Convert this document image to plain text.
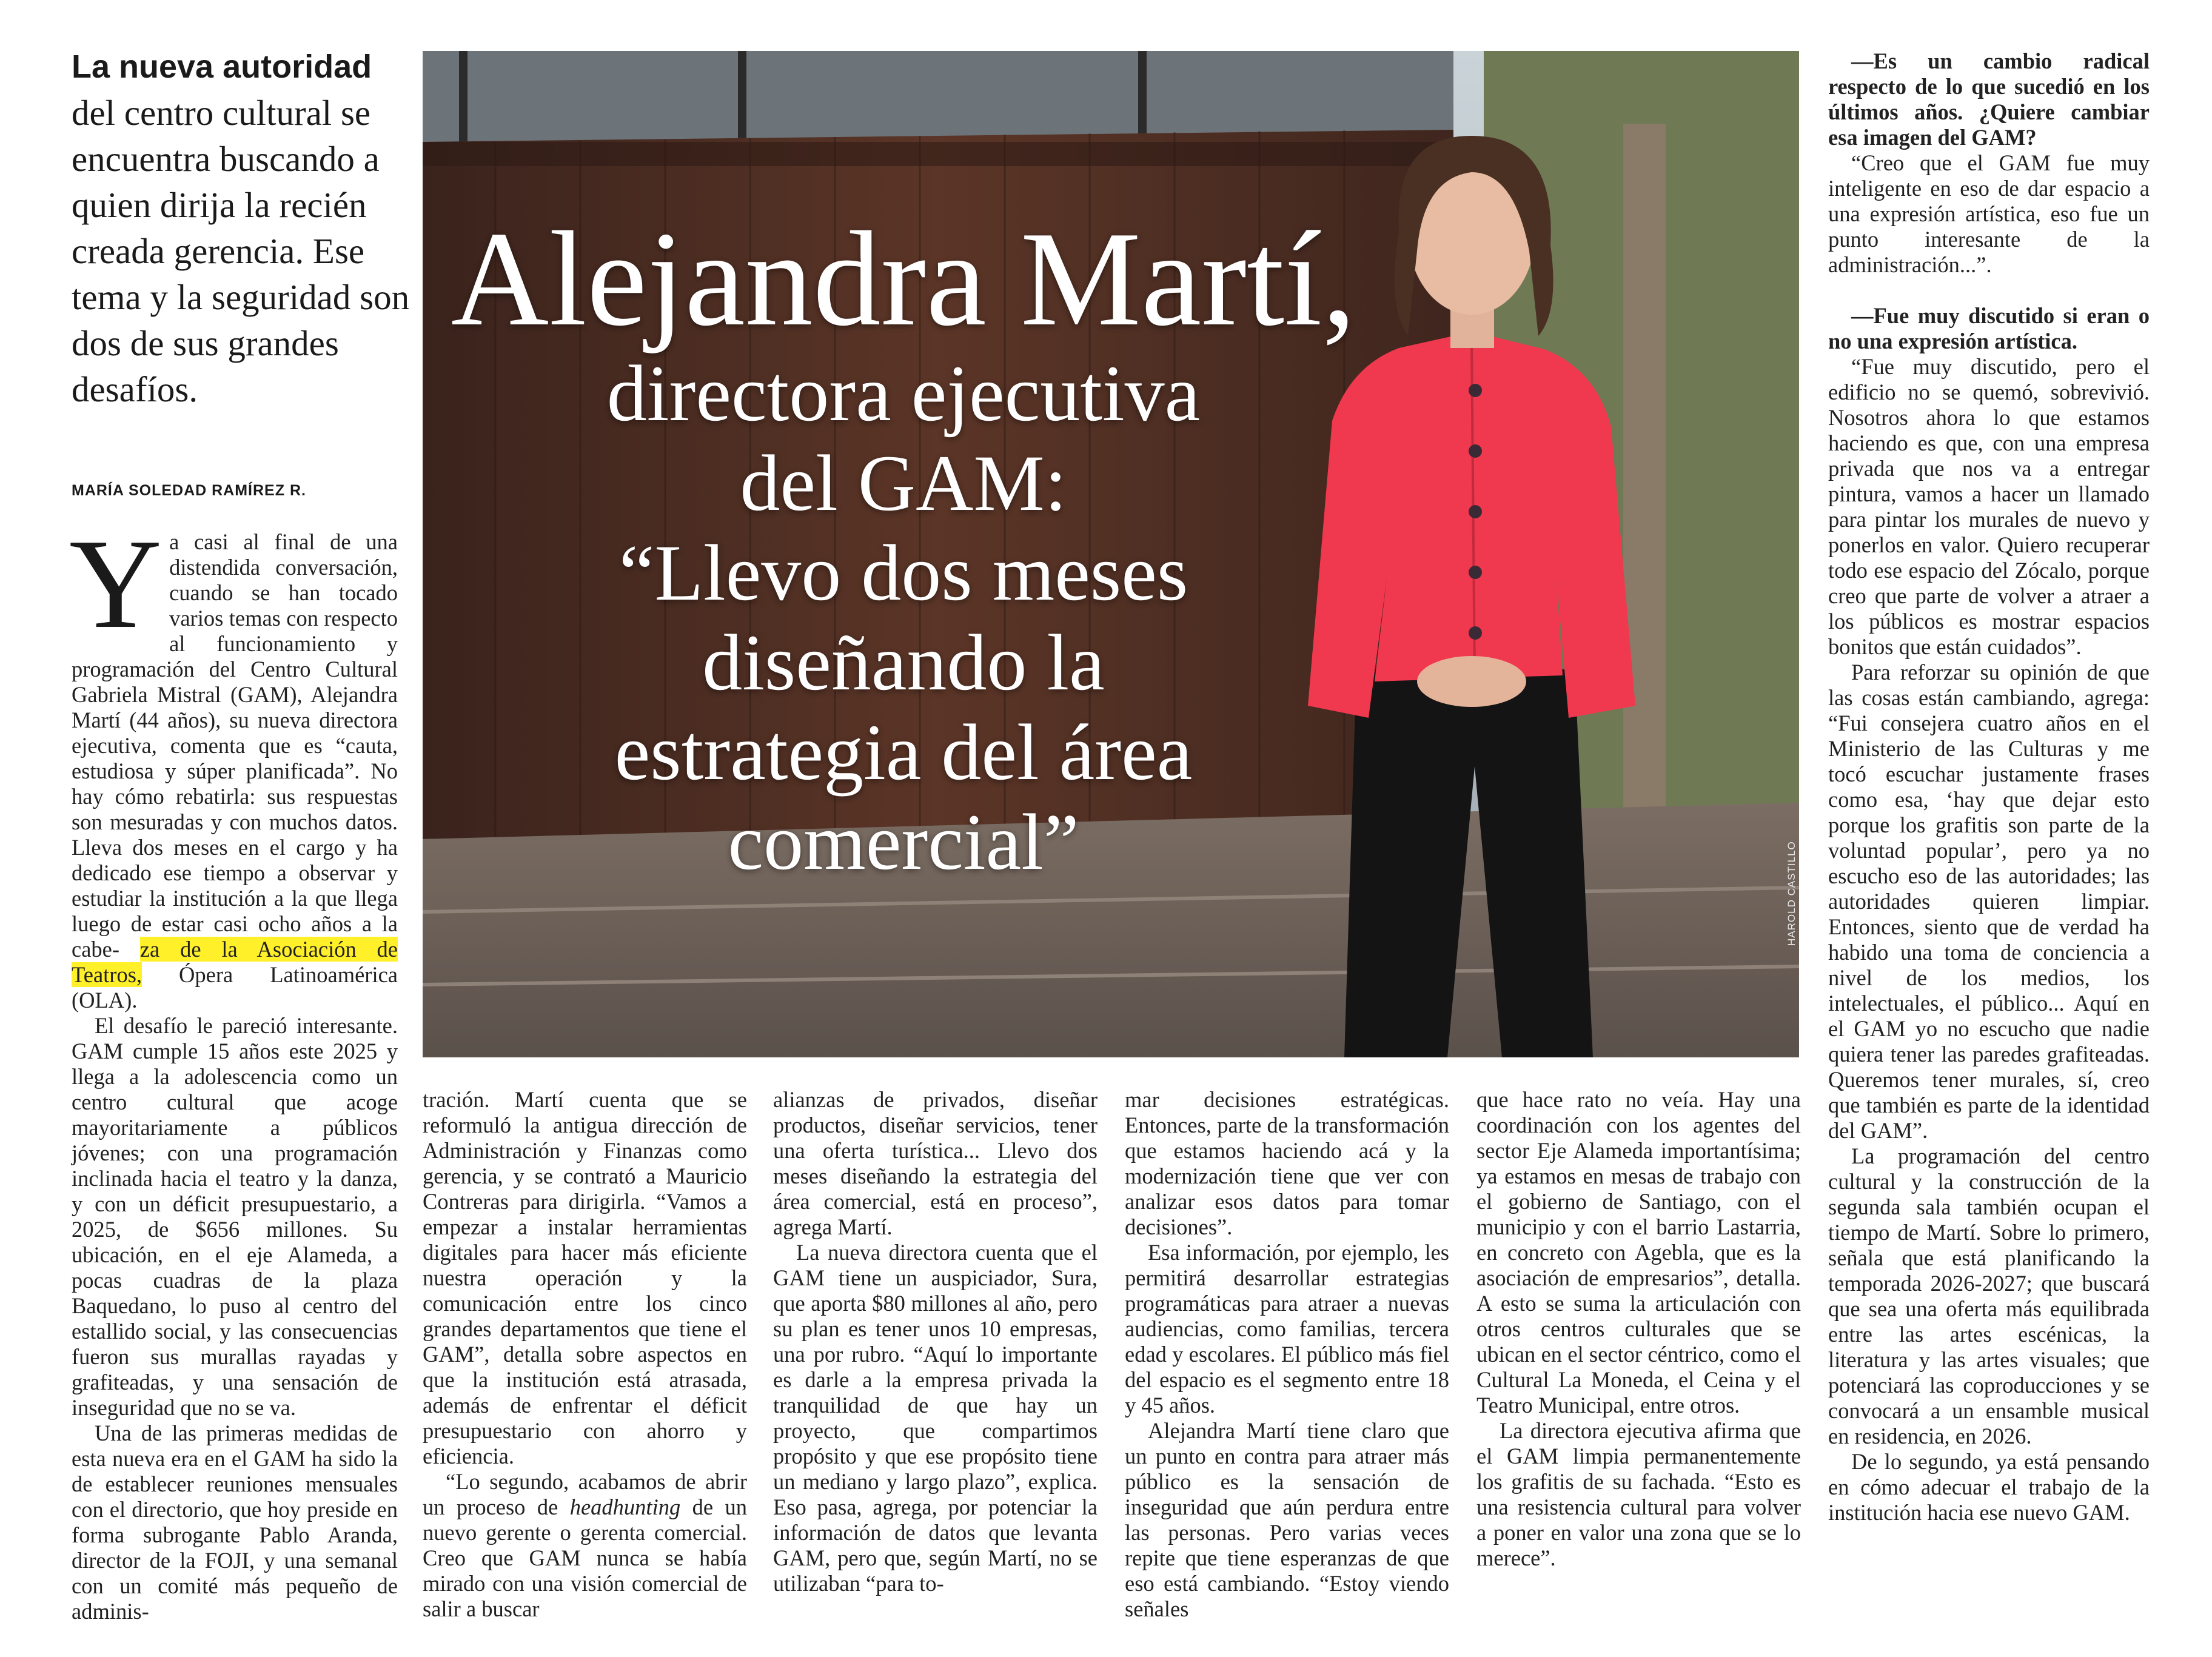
La nueva autoridad del centro cultural se encuentra buscando a quien dirija la recién creada gerencia. Ese tema y la seguridad son dos de sus grandes desafíos.
MARÍA SOLEDAD RAMÍREZ R.

Ya casi al final de una distendida conversación, cuando se han tocado varios temas con respecto al funcionamiento y programación del Centro Cultural Gabriela Mistral (GAM), Alejandra Martí (44 años), su nueva directora ejecutiva, comenta que es “cauta, estudiosa y súper planificada”. No hay cómo rebatirla: sus respuestas son mesuradas y con muchos datos. Lleva dos meses en el cargo y ha dedicado ese tiempo a observar y estudiar la institución a la que llega luego de estar casi ocho años a la cabe- za de la Asociación de Teatros, Ópera Latinoamérica (OLA).

El desafío le pareció interesante. GAM cumple 15 años este 2025 y llega a la adolescencia como un centro cultural que acoge mayoritariamente a públicos jóvenes; con una programación inclinada hacia el teatro y la danza, y con un déficit presupuestario, a 2025, de $656 millones. Su ubicación, en el eje Alameda, a pocas cuadras de la plaza Baquedano, lo puso al centro del estallido social, y las consecuencias fueron sus murallas rayadas y grafiteadas, y una sensación de inseguridad que no se va.

Una de las primeras medidas de esta nueva era en el GAM ha sido la de establecer reuniones mensuales con el directorio, que hoy preside en forma subrogante Pablo Aranda, director de la FOJI, y una semanal con un comité más pequeño de adminis-

Alejandra Martí,
directora ejecutiva
del GAM:
“Llevo dos meses
diseñando la
estrategia del área
comercial”	HAROLD CASTILLO

tración. Martí cuenta que se reformuló la antigua dirección de Administración y Finanzas como gerencia, y se contrató a Mauricio Contreras para dirigirla. “Vamos a empezar a instalar herramientas digitales para hacer más eficiente nuestra operación y la comunicación entre los cinco grandes departamentos que tiene el GAM”, detalla sobre aspectos en que la institución está atrasada, además de enfrentar el déficit presupuestario con ahorro y eficiencia.

“Lo segundo, acabamos de abrir un proceso de headhunting de un nuevo gerente o gerenta comercial. Creo que GAM nunca se había mirado con una visión comercial de salir a buscar

alianzas de privados, diseñar productos, diseñar servicios, tener una oferta turística... Llevo dos meses diseñando la estrategia del área comercial, está en proceso”, agrega Martí.

La nueva directora cuenta que el GAM tiene un auspiciador, Sura, que aporta $80 millones al año, pero su plan es tener unos 10 empresas, una por rubro. “Aquí lo importante es darle a la empresa privada la tranquilidad de que hay un proyecto, que compartimos propósito y que ese propósito tiene un mediano y largo plazo”, explica. Eso pasa, agrega, por potenciar la información de datos que levanta GAM, pero que, según Martí, no se utilizaban “para to-

mar decisiones estratégicas. Entonces, parte de la transformación que estamos haciendo acá y la modernización tiene que ver con analizar esos datos para tomar decisiones”.

Esa información, por ejemplo, les permitirá desarrollar estrategias programáticas para atraer a nuevas audiencias, como familias, tercera edad y escolares. El público más fiel del espacio es el segmento entre 18 y 45 años.

Alejandra Martí tiene claro que un punto en contra para atraer más público es la sensación de inseguridad que aún perdura entre las personas. Pero varias veces repite que tiene esperanzas de que eso está cambiando. “Estoy viendo señales

que hace rato no veía. Hay una coordinación con los agentes del sector Eje Alameda importantísima; ya estamos en mesas de trabajo con el gobierno de Santiago, con el municipio y con el barrio Lastarria, en concreto con Agebla, que es la asociación de empresarios”, detalla. A esto se suma la articulación con otros centros culturales que se ubican en el sector céntrico, como el Cultural La Moneda, el Ceina y el Teatro Municipal, entre otros.

La directora ejecutiva afirma que el GAM limpia permanentemente los grafitis de su fachada. “Esto es una resistencia cultural para volver a poner en valor una zona que se lo merece”.

—Es un cambio radical respecto de lo que sucedió en los últimos años. ¿Quiere cambiar esa imagen del GAM?

“Creo que el GAM fue muy inteligente en eso de dar espacio a una expresión artística, eso fue un punto interesante de la administración...”.

—Fue muy discutido si eran o no una expresión artística.

“Fue muy discutido, pero el edificio no se quemó, sobrevivió. Nosotros ahora lo que estamos haciendo es que, con una empresa privada que nos va a entregar pintura, vamos a hacer un llamado para pintar los murales de nuevo y ponerlos en valor. Quiero recuperar todo ese espacio del Zócalo, porque creo que parte de volver a atraer a los públicos es mostrar espacios bonitos que están cuidados”.

Para reforzar su opinión de que las cosas están cambiando, agrega: “Fui consejera cuatro años en el Ministerio de las Culturas y me tocó escuchar justamente frases como esa, ‘hay que dejar esto porque los grafitis son parte de la voluntad popular’, pero ya no escucho eso de las autoridades; las autoridades quieren limpiar. Entonces, siento que de verdad ha habido una toma de conciencia a nivel de los medios, los intelectuales, el público... Aquí en el GAM yo no escucho que nadie quiera tener las paredes grafiteadas. Queremos tener murales, sí, creo que también es parte de la identidad del GAM”.

La programación del centro cultural y la construcción de la segunda sala también ocupan el tiempo de Martí. Sobre lo primero, señala que está planificando la temporada 2026-2027; que buscará que sea una oferta más equilibrada entre las artes escénicas, la literatura y las artes visuales; que potenciará las coproducciones y se convocará a un ensamble musical en residencia, en 2026.

De lo segundo, ya está pensando en cómo adecuar el trabajo de la institución hacia ese nuevo GAM.
